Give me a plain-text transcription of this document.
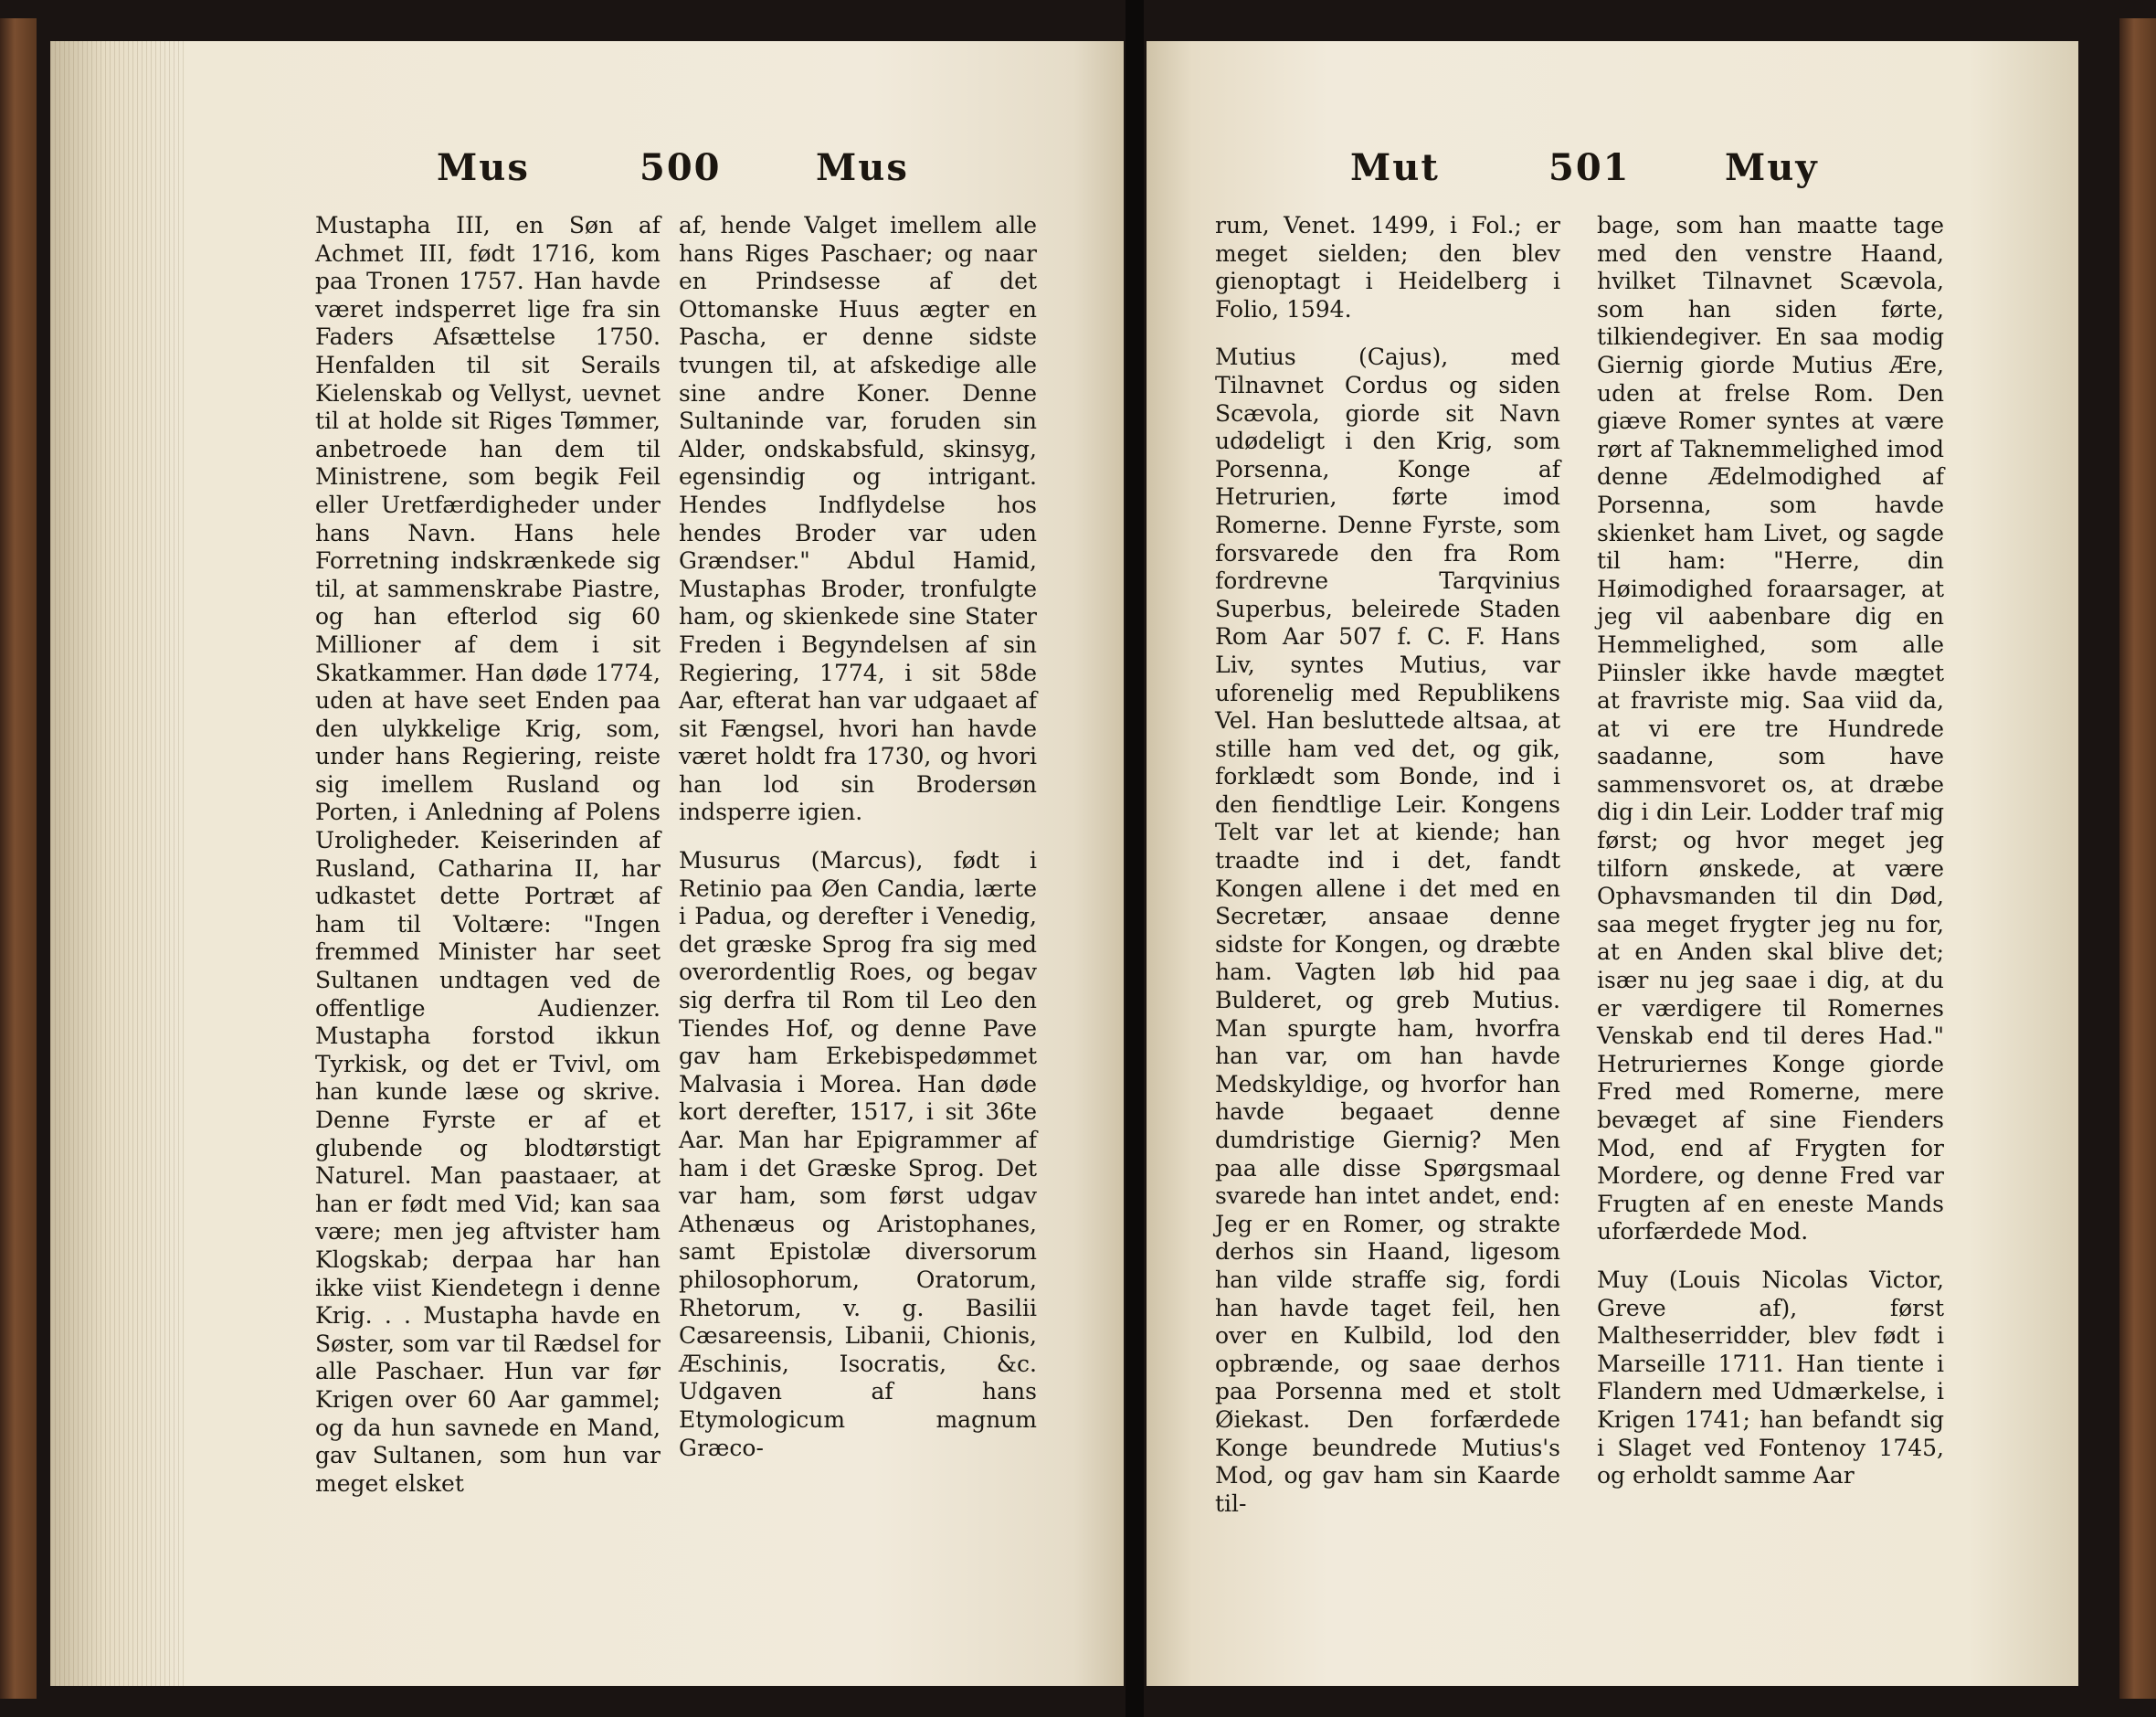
Mus	500	Mus	Mut	501	Muy

Mustapha III, en Søn af Achmet III, født 1716, kom paa Tronen 1757. Han havde været indsperret lige fra sin Faders Afsættelse 1750. Henfalden til sit Serails Kielenskab og Vellyst, uevnet til at holde sit Riges Tømmer, anbetroede han dem til Ministrene, som begik Feil eller Uretfærdigheder under hans Navn. Hans hele Forretning indskrænkede sig til, at sammenskrabe Piastre, og han efterlod sig 60 Millioner af dem i sit Skatkammer. Han døde 1774, uden at have seet Enden paa den ulykkelige Krig, som, under hans Regiering, reiste sig imellem Rusland og Porten, i Anledning af Polens Uroligheder. Keiserinden af Rusland, Catharina II, har udkastet dette Portræt af ham til Voltære: "Ingen fremmed Minister har seet Sultanen undtagen ved de offentlige Audienzer. Mustapha forstod ikkun Tyrkisk, og det er Tvivl, om han kunde læse og skrive. Denne Fyrste er af et glubende og blodtørstigt Naturel. Man paastaaer, at han er født med Vid; kan saa være; men jeg aftvister ham Klogskab; derpaa har han ikke viist Kiendetegn i denne Krig. . . Mustapha havde en Søster, som var til Rædsel for alle Paschaer. Hun var før Krigen over 60 Aar gammel; og da hun savnede en Mand, gav Sultanen, som hun var meget elsket

af, hende Valget imellem alle hans Riges Paschaer; og naar en Prindsesse af det Ottomanske Huus ægter en Pascha, er denne sidste tvungen til, at afskedige alle sine andre Koner. Denne Sultaninde var, foruden sin Alder, ondskabsfuld, skinsyg, egensindig og intrigant. Hendes Indflydelse hos hendes Broder var uden Grændser." Abdul Hamid, Mustaphas Broder, tronfulgte ham, og skienkede sine Stater Freden i Begyndelsen af sin Regiering, 1774, i sit 58de Aar, efterat han var udgaaet af sit Fængsel, hvori han havde været holdt fra 1730, og hvori han lod sin Brodersøn indsperre igien.

Musurus (Marcus), født i Retinio paa Øen Candia, lærte i Padua, og derefter i Venedig, det græske Sprog fra sig med overordentlig Roes, og begav sig derfra til Rom til Leo den Tiendes Hof, og denne Pave gav ham Erkebispedømmet Malvasia i Morea. Han døde kort derefter, 1517, i sit 36te Aar. Man har Epigrammer af ham i det Græske Sprog. Det var ham, som først udgav Athenæus og Aristophanes, samt Epistolæ diversorum philosophorum, Oratorum, Rhetorum, v. g. Basilii Cæsareensis, Libanii, Chionis, Æschinis, Isocratis, &c. Udgaven af hans Etymologicum magnum Græco-

rum, Venet. 1499, i Fol.; er meget sielden; den blev gienoptagt i Heidelberg i Folio, 1594.

Mutius (Cajus), med Tilnavnet Cordus og siden Scævola, giorde sit Navn udødeligt i den Krig, som Porsenna, Konge af Hetrurien, førte imod Romerne. Denne Fyrste, som forsvarede den fra Rom fordrevne Tarqvinius Superbus, beleirede Staden Rom Aar 507 f. C. F. Hans Liv, syntes Mutius, var uforenelig med Republikens Vel. Han besluttede altsaa, at stille ham ved det, og gik, forklædt som Bonde, ind i den fiendtlige Leir. Kongens Telt var let at kiende; han traadte ind i det, fandt Kongen allene i det med en Secretær, ansaae denne sidste for Kongen, og dræbte ham. Vagten løb hid paa Bulderet, og greb Mutius. Man spurgte ham, hvorfra han var, om han havde Medskyldige, og hvorfor han havde begaaet denne dumdristige Giernig? Men paa alle disse Spørgsmaal svarede han intet andet, end: Jeg er en Romer, og strakte derhos sin Haand, ligesom han vilde straffe sig, fordi han havde taget feil, hen over en Kulbild, lod den opbrænde, og saae derhos paa Porsenna med et stolt Øiekast. Den forfærdede Konge beundrede Mutius's Mod, og gav ham sin Kaarde til-

bage, som han maatte tage med den venstre Haand, hvilket Tilnavnet Scævola, som han siden førte, tilkiendegiver. En saa modig Giernig giorde Mutius Ære, uden at frelse Rom. Den giæve Romer syntes at være rørt af Taknemmelighed imod denne Ædelmodighed af Porsenna, som havde skienket ham Livet, og sagde til ham: "Herre, din Høimodighed foraarsager, at jeg vil aabenbare dig en Hemmelighed, som alle Piinsler ikke havde mægtet at fravriste mig. Saa viid da, at vi ere tre Hundrede saadanne, som have sammensvoret os, at dræbe dig i din Leir. Lodder traf mig først; og hvor meget jeg tilforn ønskede, at være Ophavsmanden til din Død, saa meget frygter jeg nu for, at en Anden skal blive det; især nu jeg saae i dig, at du er værdigere til Romernes Venskab end til deres Had." Hetruriernes Konge giorde Fred med Romerne, mere bevæget af sine Fienders Mod, end af Frygten for Mordere, og denne Fred var Frugten af en eneste Mands uforfærdede Mod.

Muy (Louis Nicolas Victor, Greve af), først Maltheserridder, blev født i Marseille 1711. Han tiente i Flandern med Udmærkelse, i Krigen 1741; han befandt sig i Slaget ved Fontenoy 1745, og erholdt samme Aar
